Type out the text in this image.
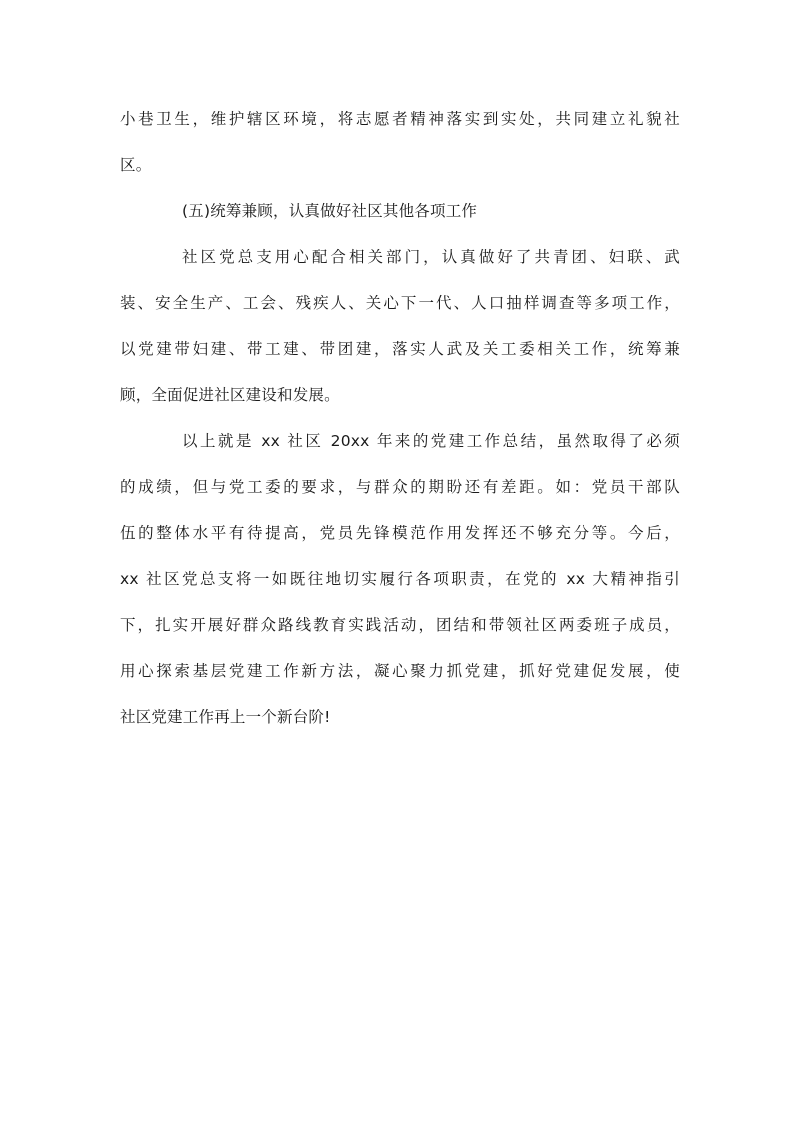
小巷卫生，维护辖区环境，将志愿者精神落实到实处，共同建立礼貌社
区。
(五)统筹兼顾，认真做好社区其他各项工作
社区党总支用心配合相关部门，认真做好了共青团、妇联、武
装、安全生产、工会、残疾人、关心下一代、人口抽样调查等多项工作，
以党建带妇建、带工建、带团建，落实人武及关工委相关工作，统筹兼
顾，全面促进社区建设和发展。
以上就是 xx 社区 20xx 年来的党建工作总结，虽然取得了必须
的成绩，但与党工委的要求，与群众的期盼还有差距。如：党员干部队
伍的整体水平有待提高，党员先锋模范作用发挥还不够充分等。今后，
xx 社区党总支将一如既往地切实履行各项职责，在党的 xx 大精神指引
下，扎实开展好群众路线教育实践活动，团结和带领社区两委班子成员，
用心探索基层党建工作新方法，凝心聚力抓党建，抓好党建促发展，使
社区党建工作再上一个新台阶!
